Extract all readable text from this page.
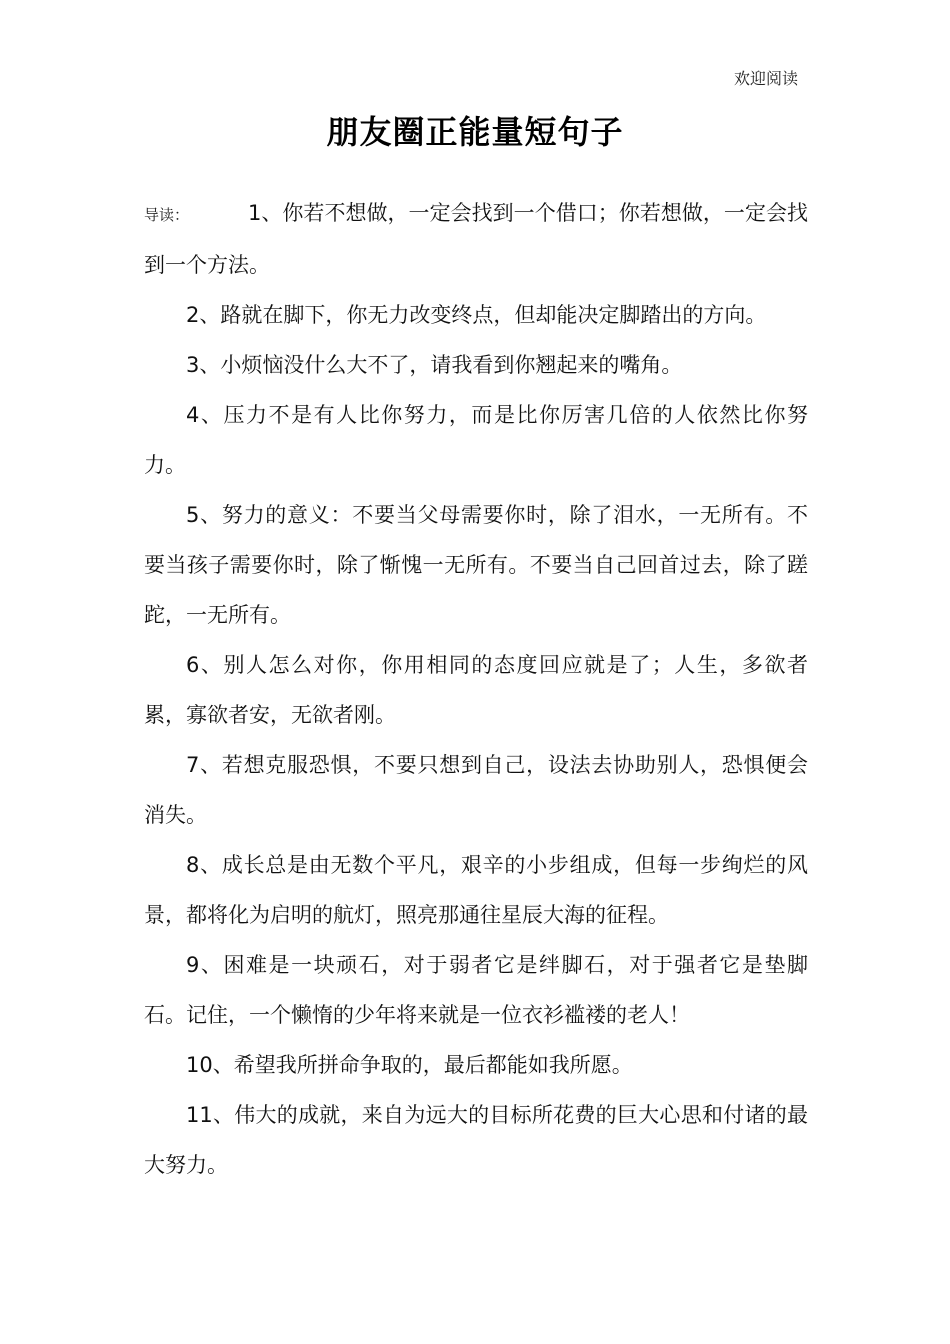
欢迎阅读
朋友圈正能量短句子

导读：	1、你若不想做，一定会找到一个借口；你若想做，一定会找到一个方法。

2、路就在脚下，你无力改变终点，但却能决定脚踏出的方向。

3、小烦恼没什么大不了，请我看到你翘起来的嘴角。

4、压力不是有人比你努力，而是比你厉害几倍的人依然比你努力。

5、努力的意义：不要当父母需要你时，除了泪水，一无所有。不要当孩子需要你时，除了惭愧一无所有。不要当自己回首过去，除了蹉跎，一无所有。

6、别人怎么对你，你用相同的态度回应就是了；人生，多欲者累，寡欲者安，无欲者刚。

7、若想克服恐惧，不要只想到自己，设法去协助别人，恐惧便会消失。

8、成长总是由无数个平凡，艰辛的小步组成，但每一步绚烂的风景，都将化为启明的航灯，照亮那通往星辰大海的征程。

9、困难是一块顽石，对于弱者它是绊脚石，对于强者它是垫脚石。记住，一个懒惰的少年将来就是一位衣衫褴褛的老人！

10、希望我所拼命争取的，最后都能如我所愿。

11、伟大的成就，来自为远大的目标所花费的巨大心思和付诸的最大努力。
